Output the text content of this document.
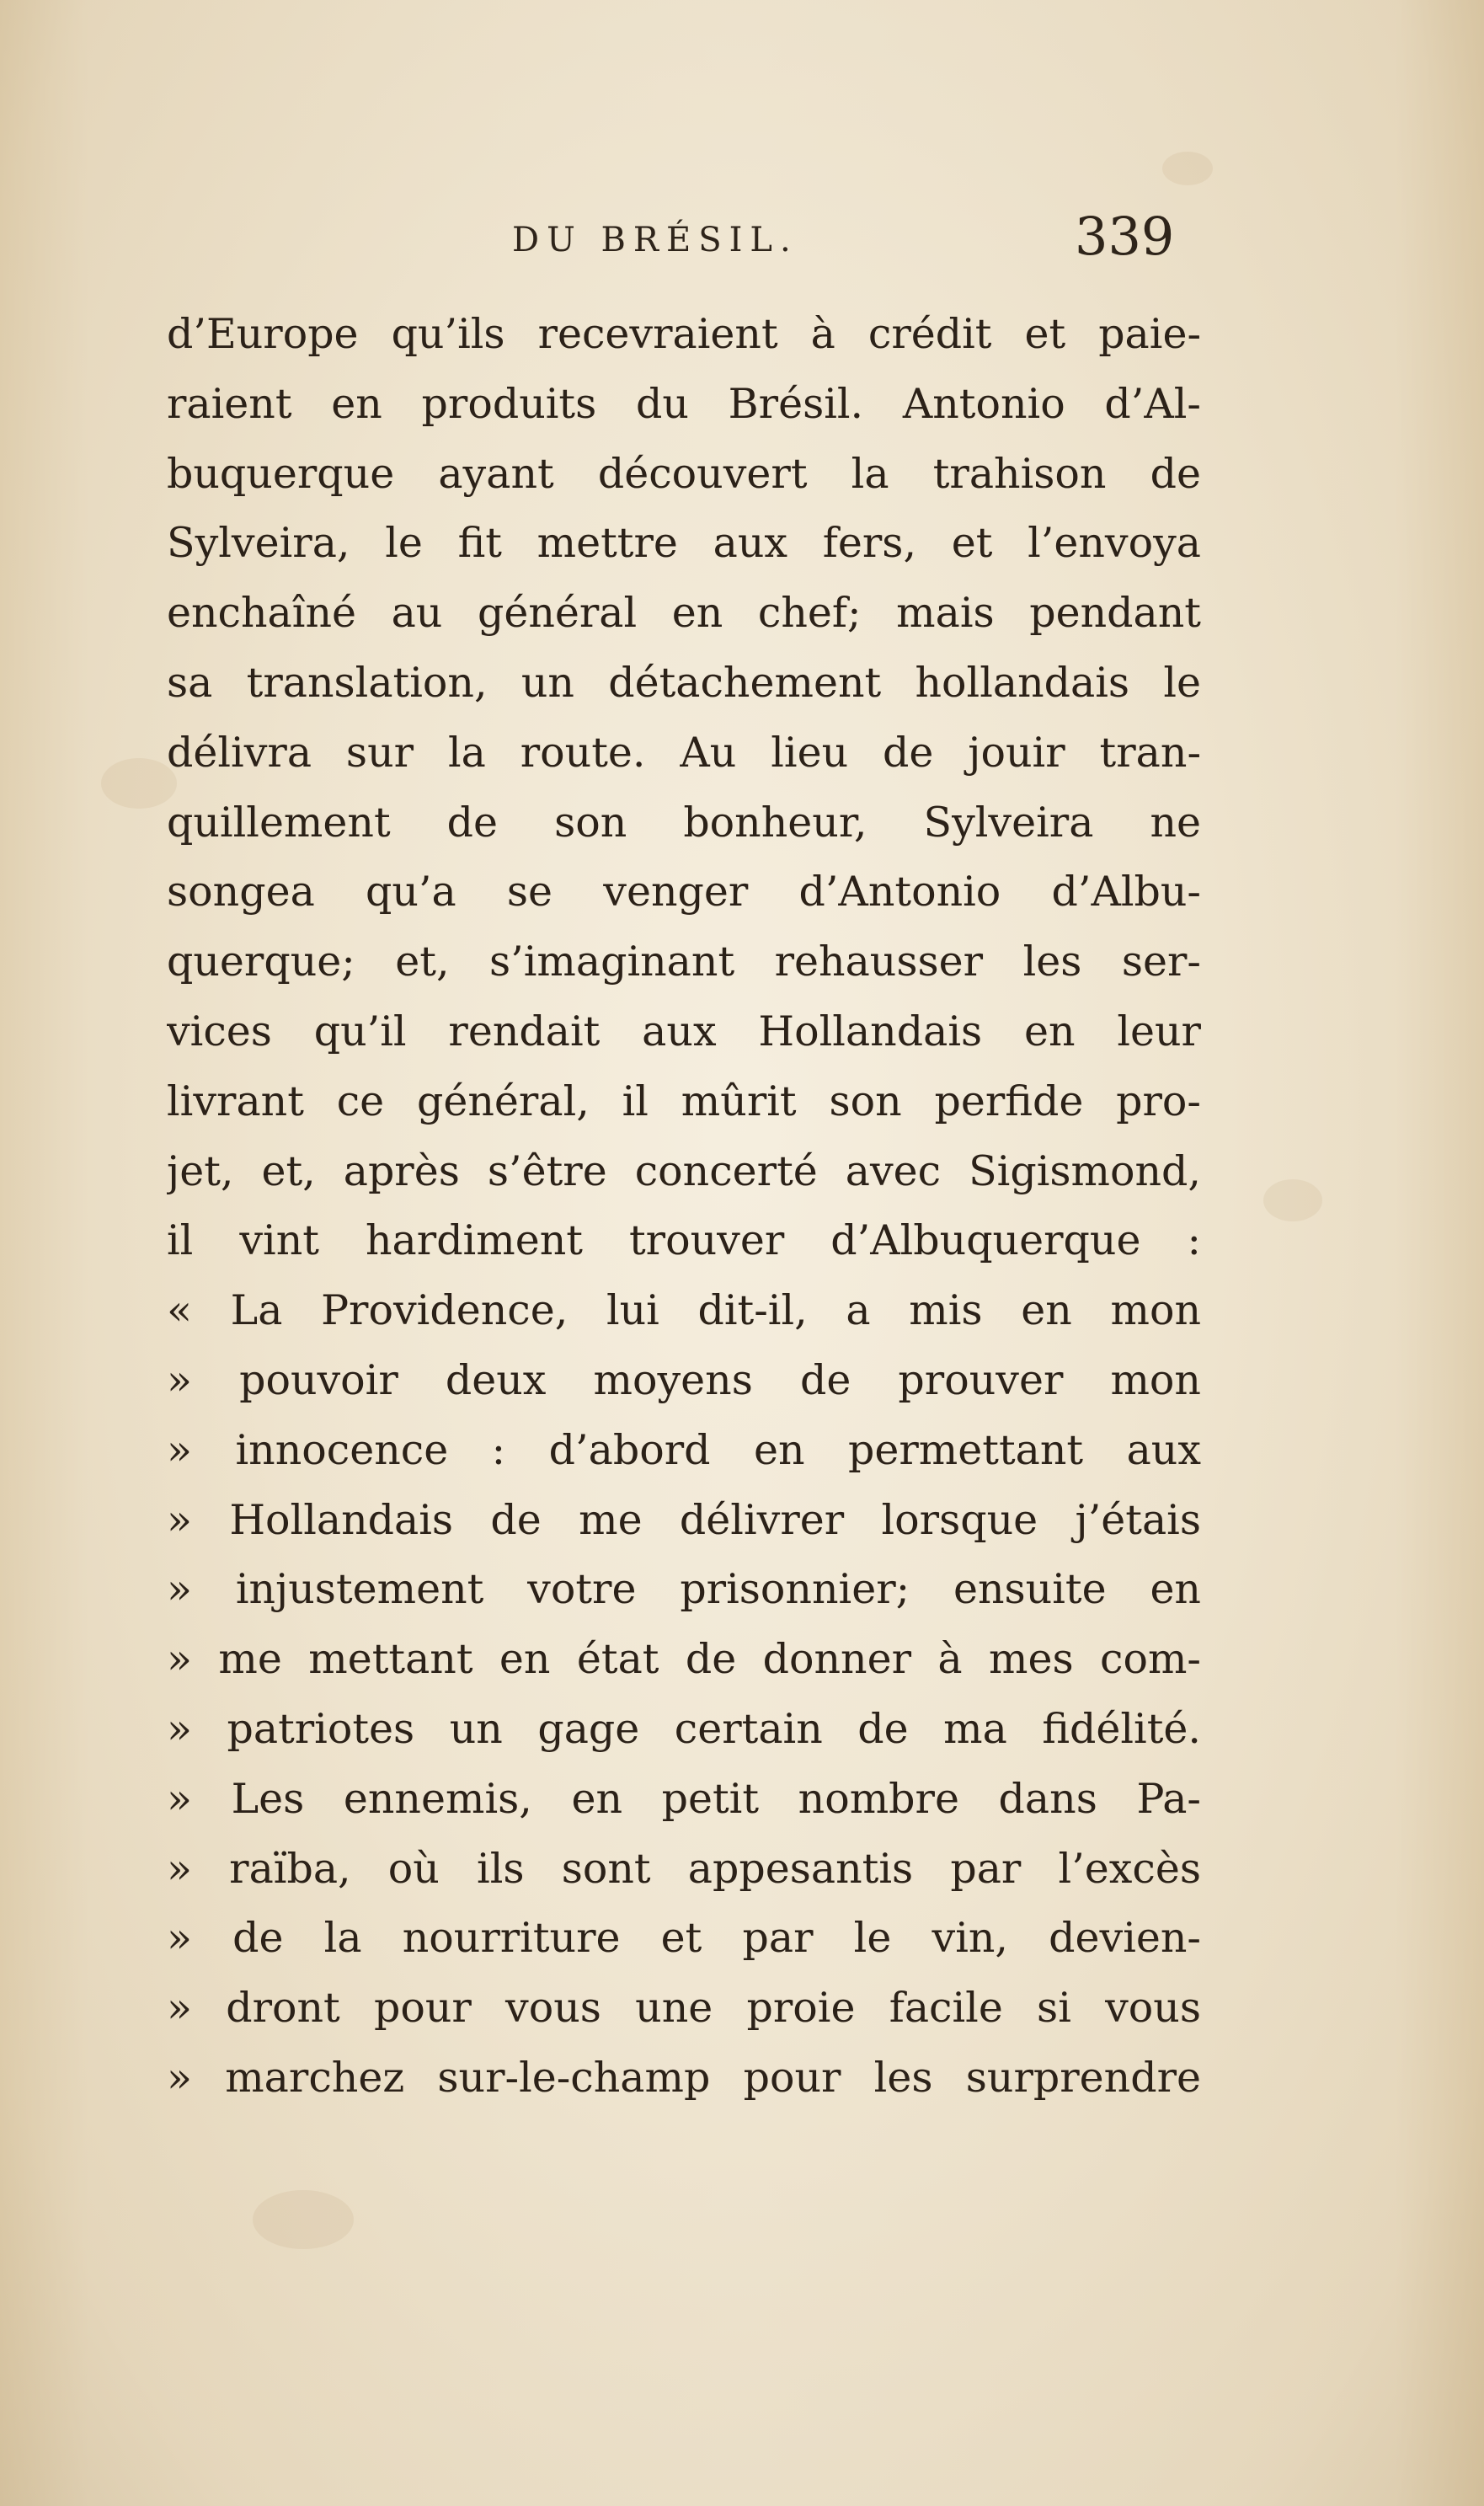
DU BRÉSIL.	339
d’Europe qu’ils recevraient à crédit et paie-
raient en produits du Brésil. Antonio d’Al-
buquerque ayant découvert la trahison de
Sylveira, le fit mettre aux fers, et l’envoya
enchaîné au général en chef; mais pendant
sa translation, un détachement hollandais le
délivra sur la route. Au lieu de jouir tran-
quillement de son bonheur, Sylveira ne
songea qu’a se venger d’Antonio d’Albu-
querque; et, s’imaginant rehausser les ser-
vices qu’il rendait aux Hollandais en leur
livrant ce général, il mûrit son perfide pro-
jet, et, après s’être concerté avec Sigismond,
il vint hardiment trouver d’Albuquerque :
« La Providence, lui dit-il, a mis en mon
» pouvoir deux moyens de prouver mon
» innocence : d’abord en permettant aux
» Hollandais de me délivrer lorsque j’étais
» injustement votre prisonnier; ensuite en
» me mettant en état de donner à mes com-
» patriotes un gage certain de ma fidélité.
» Les ennemis, en petit nombre dans Pa-
» raïba, où ils sont appesantis par l’excès
» de la nourriture et par le vin, devien-
» dront pour vous une proie facile si vous
» marchez sur-le-champ pour les surprendre
